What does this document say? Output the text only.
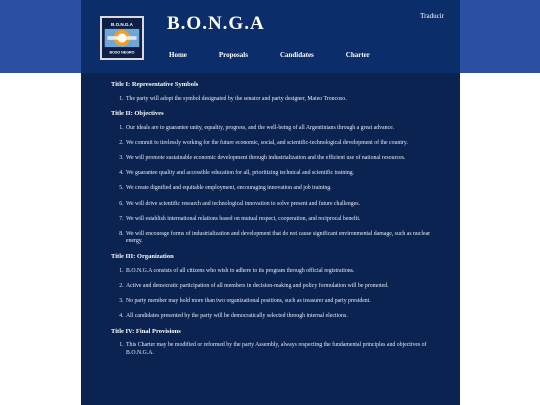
B.O.N.G.A
BOSO NEGRO
B.O.N.G.A	Traducir
Home	Proposals	Candidates	Charter
Title I: Representative Symbols
1. The party will adopt the symbol designated by the senator and party designer, Mateo Troncoso.
Title II: Objectives
1. Our ideals are to guarantee unity, equality, progress, and the well-being of all Argentinians through a great advance.
2. We commit to tirelessly working for the future economic, social, and scientific-technological development of the country.
3. We will promote sustainable economic development through industrialization and the efficient use of national resources.
4. We guarantee quality and accessible education for all, prioritizing technical and scientific training.
5. We create dignified and equitable employment, encouraging innovation and job training.
6. We will drive scientific research and technological innovation to solve present and future challenges.
7. We will establish international relations based on mutual respect, cooperation, and reciprocal benefit.
8. We will encourage forms of industrialization and development that do not cause significant environmental damage, such as nuclear energy.
Title III: Organization
1. B.O.N.G.A consists of all citizens who wish to adhere to its program through official registrations.
2. Active and democratic participation of all members in decision-making and policy formulation will be promoted.
3. No party member may hold more than two organizational positions, such as treasurer and party president.
4. All candidates presented by the party will be democratically selected through internal elections.
Title IV: Final Provisions
1. This Charter may be modified or reformed by the party Assembly, always respecting the fundamental principles and objectives of B.O.N.G.A.
